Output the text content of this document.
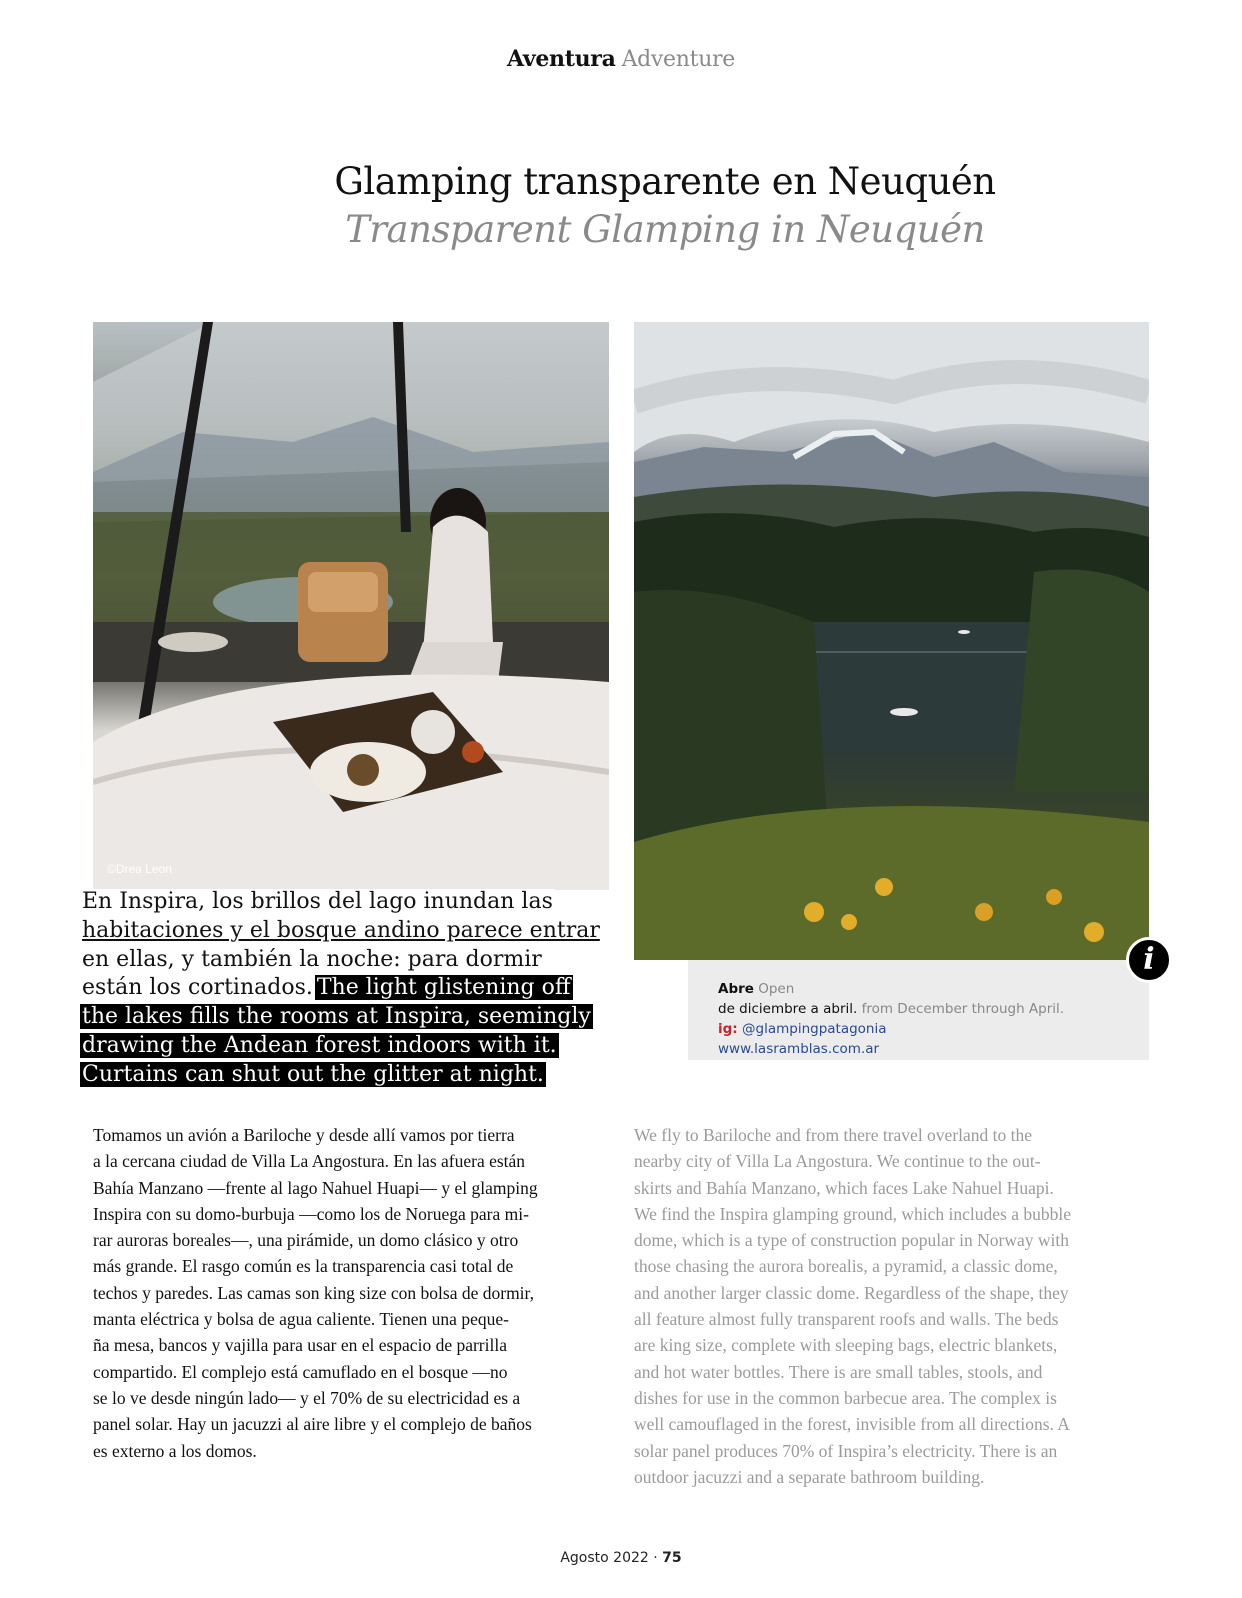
Aventura Adventure
Glamping transparente en Neuquén
Transparent Glamping in Neuquén
©Drea Leon
En Inspira, los brillos del lago inundan las
habitaciones y el bosque andino parece entrar
en ellas, y también la noche: para dormir
están los cortinados. The light glistening off
the lakes fills the rooms at Inspira, seemingly
drawing the Andean forest indoors with it.
Curtains can shut out the glitter at night.
Abre Open
de diciembre a abril. from December through April.
ig: @glampingpatagonia
www.lasramblas.com.ar
i
Tomamos un avión a Bariloche y desde allí vamos por tierra
a la cercana ciudad de Villa La Angostura. En las afuera están
Bahía Manzano —frente al lago Nahuel Huapi— y el glamping
Inspira con su domo-burbuja —como los de Noruega para mi-
rar auroras boreales—, una pirámide, un domo clásico y otro
más grande. El rasgo común es la transparencia casi total de
techos y paredes. Las camas son king size con bolsa de dormir,
manta eléctrica y bolsa de agua caliente. Tienen una peque-
ña mesa, bancos y vajilla para usar en el espacio de parrilla
compartido. El complejo está camuflado en el bosque —no
se lo ve desde ningún lado— y el 70% de su electricidad es a
panel solar. Hay un jacuzzi al aire libre y el complejo de baños
es externo a los domos.
We fly to Bariloche and from there travel overland to the
nearby city of Villa La Angostura. We continue to the out-
skirts and Bahía Manzano, which faces Lake Nahuel Huapi.
We find the Inspira glamping ground, which includes a bubble
dome, which is a type of construction popular in Norway with
those chasing the aurora borealis, a pyramid, a classic dome,
and another larger classic dome. Regardless of the shape, they
all feature almost fully transparent roofs and walls. The beds
are king size, complete with sleeping bags, electric blankets,
and hot water bottles. There is are small tables, stools, and
dishes for use in the common barbecue area. The complex is
well camouflaged in the forest, invisible from all directions. A
solar panel produces 70% of Inspira’s electricity. There is an
outdoor jacuzzi and a separate bathroom building.
Agosto 2022 · 75
